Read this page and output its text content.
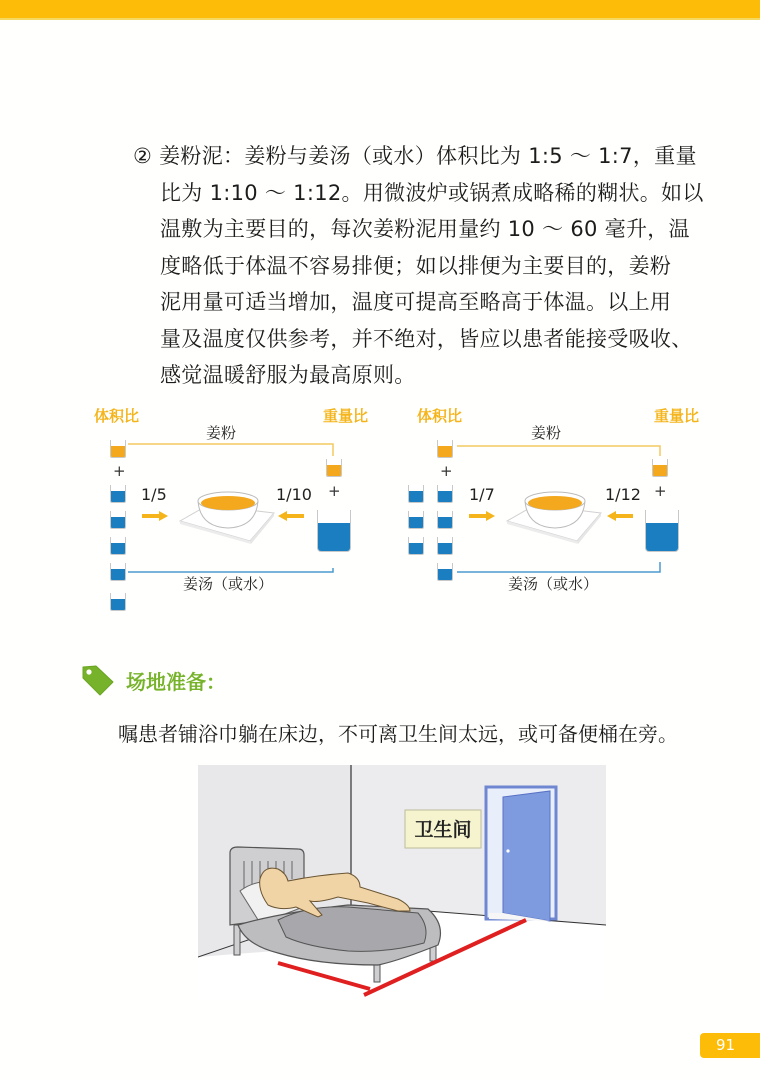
② 姜粉泥：姜粉与姜汤（或水）体积比为 1:5 ～ 1:7，重量
比为 1:10 ～ 1:12。用微波炉或锅煮成略稀的糊状。如以
温敷为主要目的，每次姜粉泥用量约 10 ～ 60 毫升，温
度略低于体温不容易排便；如以排便为主要目的，姜粉
泥用量可适当增加，温度可提高至略高于体温。以上用
量及温度仅供参考，并不绝对，皆应以患者能接受吸收、
感觉温暖舒服为最高原则。
体积比	重量比
姜粉
+
1/5	1/10 +
姜汤（或水）
体积比	重量比
姜粉
+
1/7	1/12 +
姜汤（或水）
场地准备：
嘱患者铺浴巾躺在床边，不可离卫生间太远，或可备便桶在旁。
卫生间
91
